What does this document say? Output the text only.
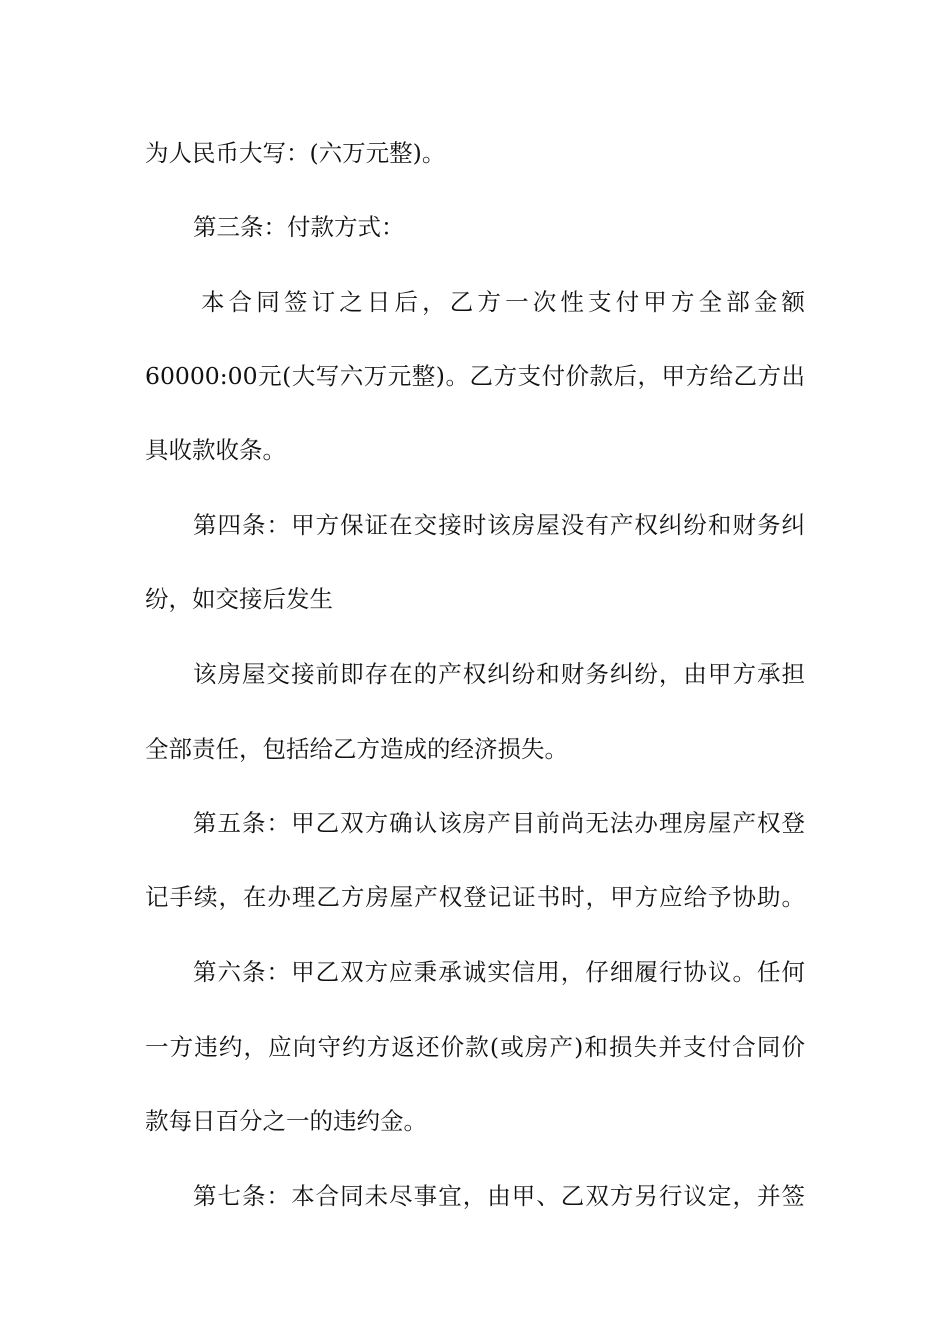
为人民币大写：(六万元整)。
第三条：付款方式：
本合同签订之日后，乙方一次性支付甲方全部金额
60000:00元(大写六万元整)。乙方支付价款后，甲方给乙方出
具收款收条。
第四条：甲方保证在交接时该房屋没有产权纠纷和财务纠
纷，如交接后发生
该房屋交接前即存在的产权纠纷和财务纠纷，由甲方承担
全部责任，包括给乙方造成的经济损失。
第五条：甲乙双方确认该房产目前尚无法办理房屋产权登
记手续，在办理乙方房屋产权登记证书时，甲方应给予协助。
第六条：甲乙双方应秉承诚实信用，仔细履行协议。任何
一方违约，应向守约方返还价款(或房产)和损失并支付合同价
款每日百分之一的违约金。
第七条：本合同未尽事宜，由甲、乙双方另行议定，并签
